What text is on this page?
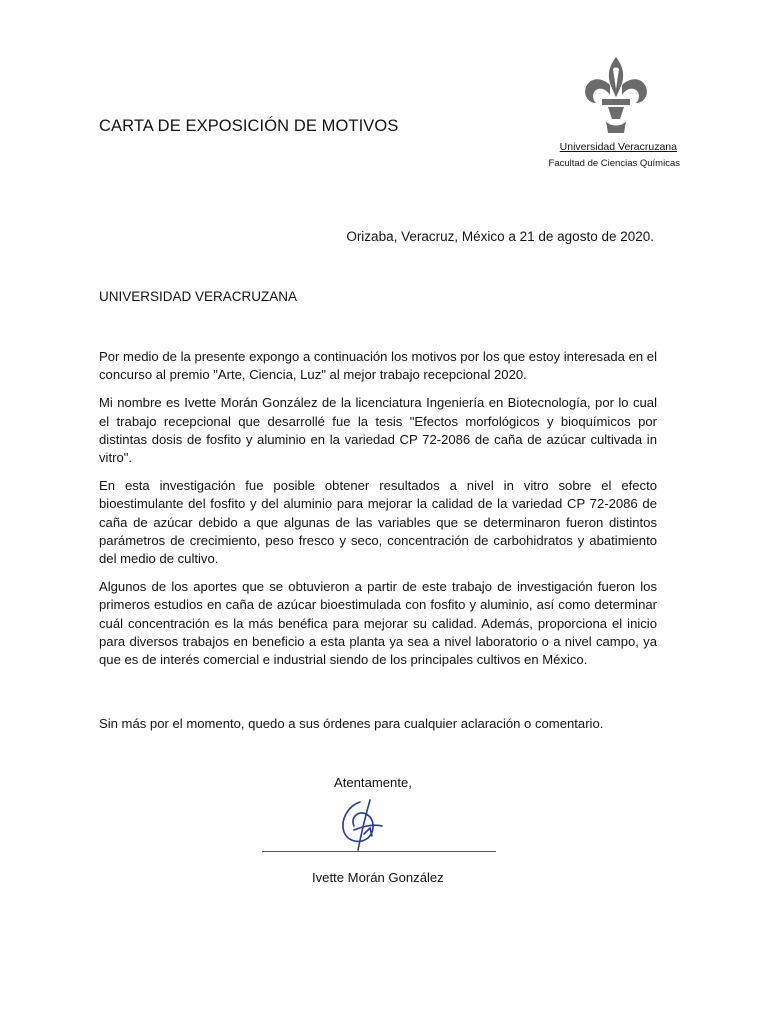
CARTA DE EXPOSICIÓN DE MOTIVOS
Universidad Veracruzana
Facultad de Ciencias Químicas
Orizaba, Veracruz, México a 21 de agosto de 2020.
UNIVERSIDAD VERACRUZANA

Por medio de la presente expongo a continuación los motivos por los que estoy interesada en el concurso al premio "Arte, Ciencia, Luz" al mejor trabajo recepcional 2020.

Mi nombre es Ivette Morán González de la licenciatura Ingeniería en Biotecnología, por lo cual el trabajo recepcional que desarrollé fue la tesis "Efectos morfológicos y bioquímicos por distintas dosis de fosfito y aluminio en la variedad CP 72-2086 de caña de azúcar cultivada in vitro".

En esta investigación fue posible obtener resultados a nivel in vitro sobre el efecto bioestimulante del fosfito y del aluminio para mejorar la calidad de la variedad CP 72-2086 de caña de azúcar debido a que algunas de las variables que se determinaron fueron distintos parámetros de crecimiento, peso fresco y seco, concentración de carbohidratos y abatimiento del medio de cultivo.

Algunos de los aportes que se obtuvieron a partir de este trabajo de investigación fueron los primeros estudios en caña de azúcar bioestimulada con fosfito y aluminio, así como determinar cuál concentración es la más benéfica para mejorar su calidad. Además, proporciona el inicio para diversos trabajos en beneficio a esta planta ya sea a nivel laboratorio o a nivel campo, ya que es de interés comercial e industrial siendo de los principales cultivos en México.

Sin más por el momento, quedo a sus órdenes para cualquier aclaración o comentario.
Atentamente,
Ivette Morán González
